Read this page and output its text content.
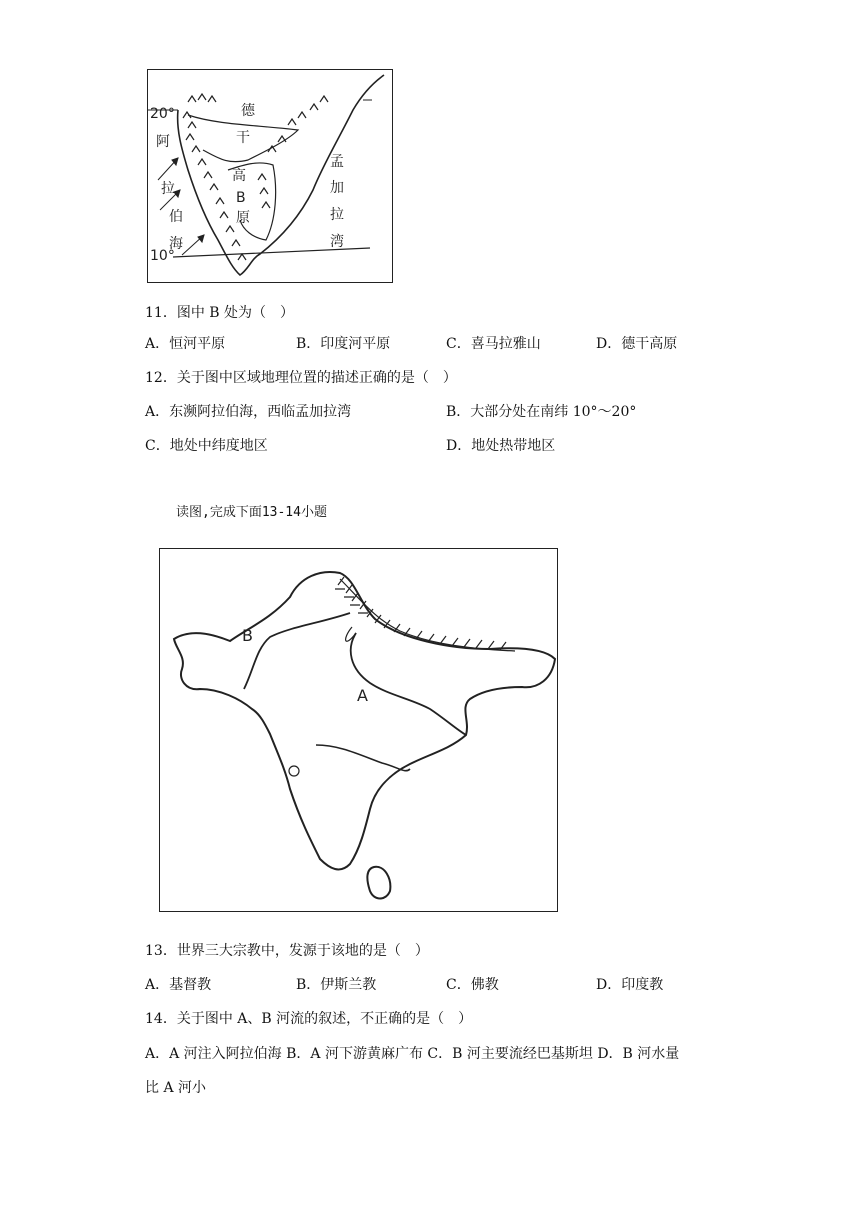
20°
10°
阿
拉
伯
海
德
干
高
B
原
孟
加
拉
湾
11．图中 B 处为（　）
A．恒河平原	B．印度河平原	C．喜马拉雅山	D．德干高原
12．关于图中区域地理位置的描述正确的是（　）
A．东濒阿拉伯海，西临孟加拉湾	B．大部分处在南纬 10°～20°
C．地处中纬度地区	D．地处热带地区
读图,完成下面13-14小题
B
A
13．世界三大宗教中，发源于该地的是（　）
A．基督教	B．伊斯兰教	C．佛教	D．印度教
14．关于图中 A、B 河流的叙述，不正确的是（　）
A．A 河注入阿拉伯海 B．A 河下游黄麻广布 C．B 河主要流经巴基斯坦 D．B 河水量
比 A 河小
